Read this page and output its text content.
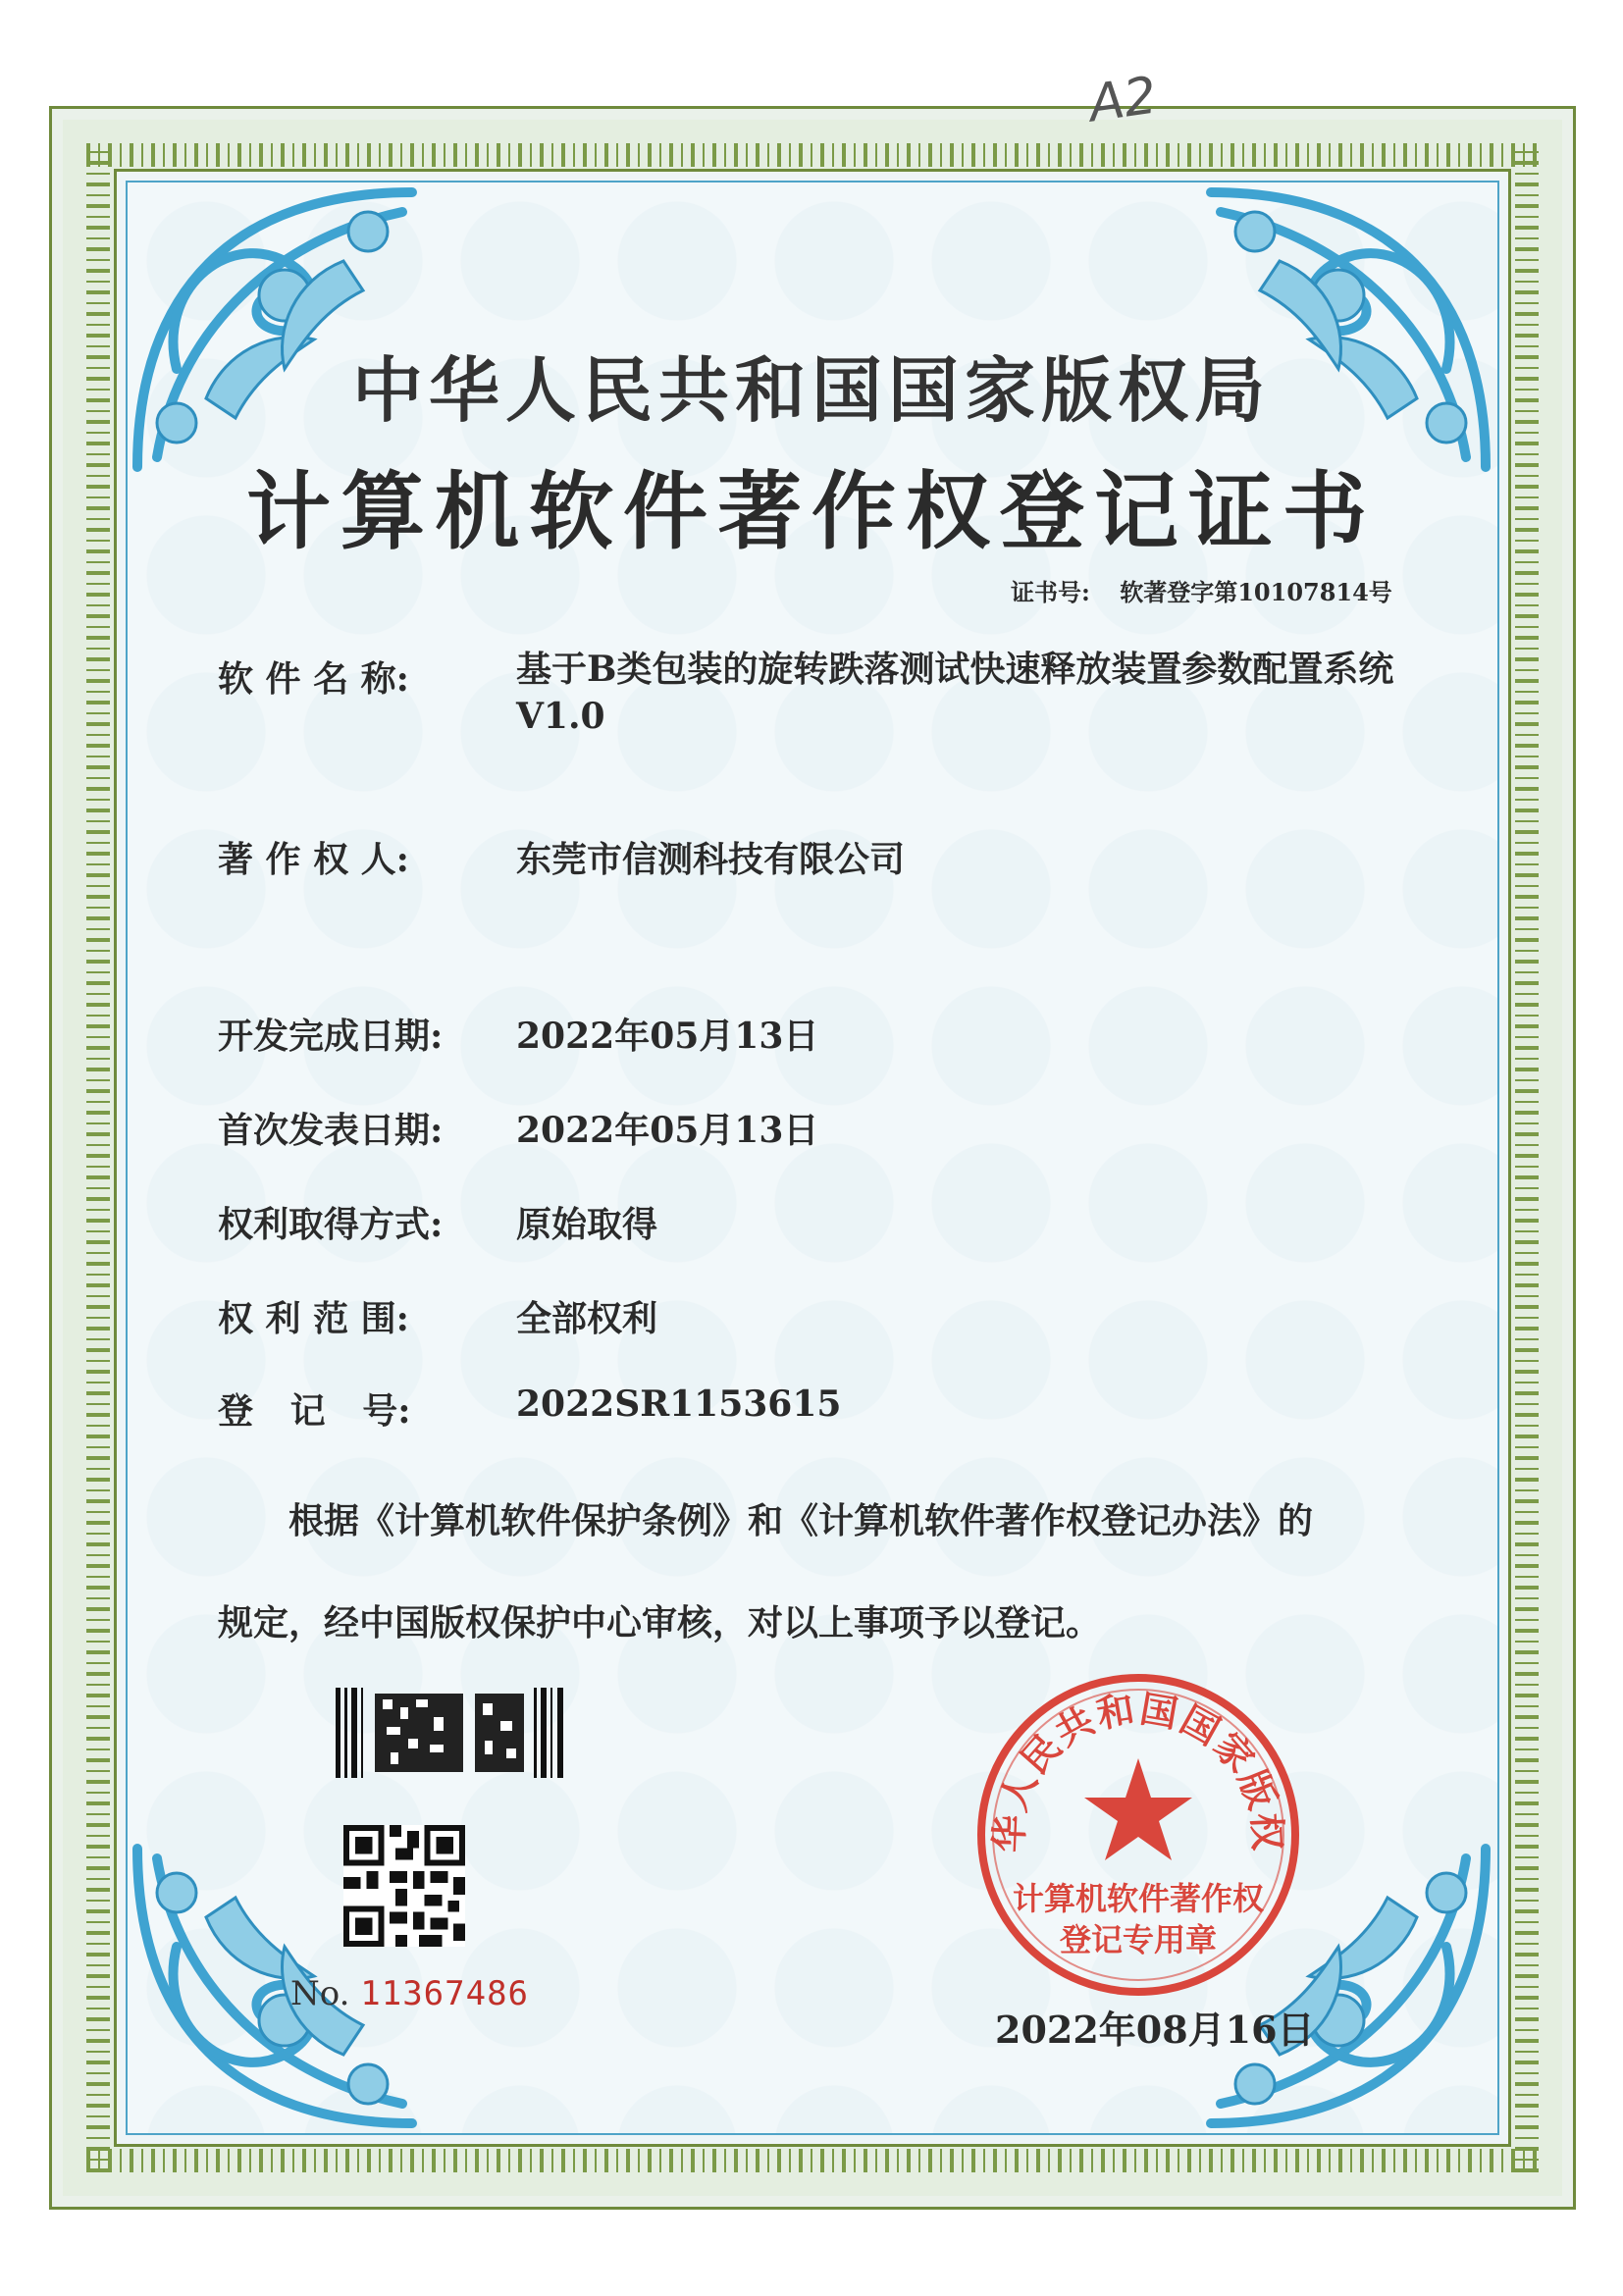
A2
中华人民共和国国家版权局
计算机软件著作权登记证书
证书号: 软著登字第10107814号
软 件 名 称:	基于B类包装的旋转跌落测试快速释放装置参数配置系统
V1.0
著 作 权 人:	东莞市信测科技有限公司
开发完成日期:	2022年05月13日
首次发表日期:	2022年05月13日
权利取得方式:	原始取得
权 利 范 围:	全部权利
登   记   号:	2022SR1153615
根据《计算机软件保护条例》和《计算机软件著作权登记办法》的
规定，经中国版权保护中心审核，对以上事项予以登记。
No. 11367486
华人民共和国国家版权
计算机软件著作权
登记专用章
2022年08月16日
